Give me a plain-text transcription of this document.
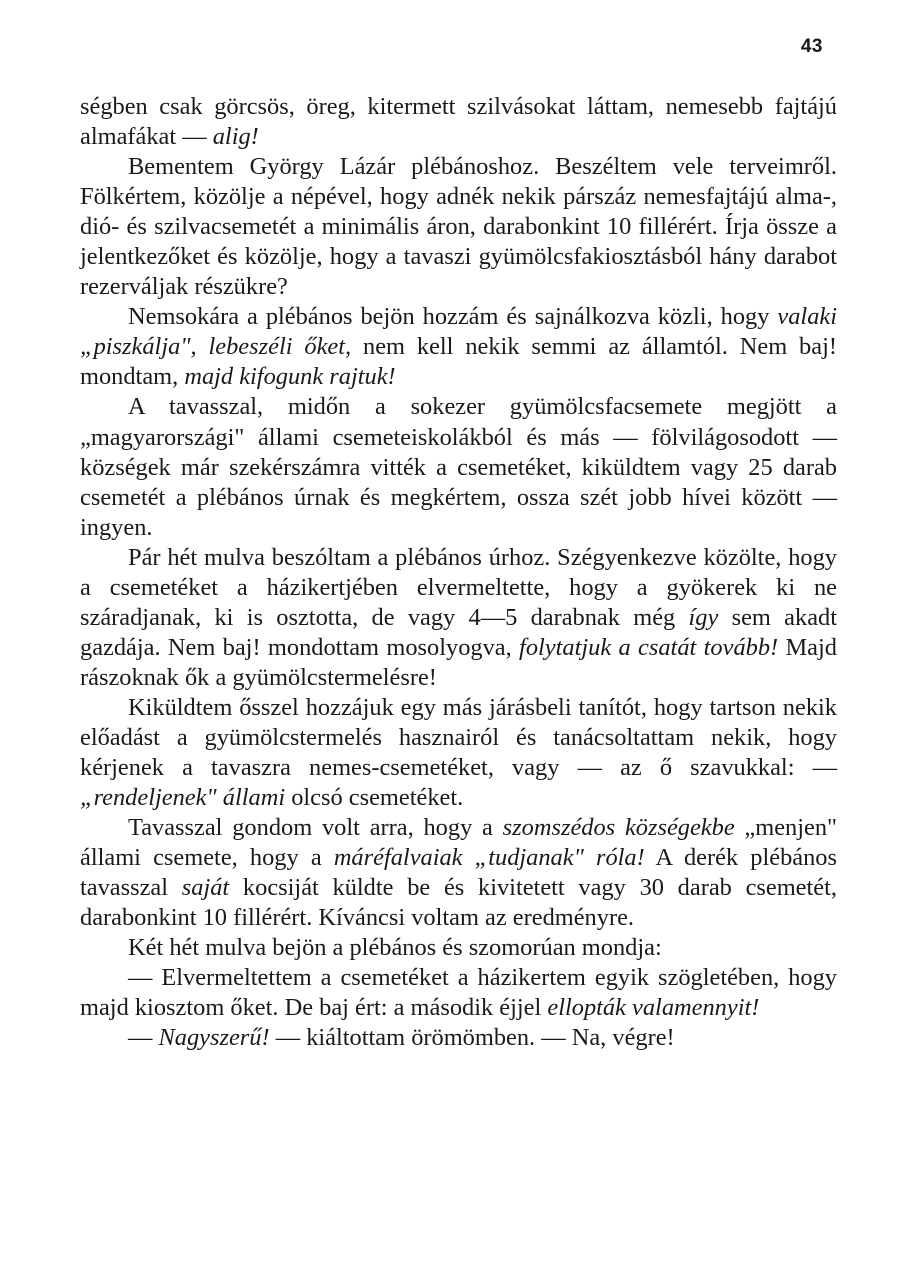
43

ségben csak görcsös, öreg, kitermett szilvásokat láttam, nemesebb fajtájú almafákat — alig!

Bementem György Lázár plébánoshoz. Beszéltem vele terveimről. Fölkértem, közölje a népével, hogy adnék nekik párszáz nemesfajtájú alma-, dió- és szilvacsemetét a minimális áron, darabonkint 10 fillérért. Írja össze a jelentkezőket és közölje, hogy a tavaszi gyümölcsfakiosztásból hány darabot rezerváljak részükre?

Nemsokára a plébános bejön hozzám és sajnálkozva közli, hogy valaki „piszkálja", lebeszéli őket, nem kell nekik semmi az államtól. Nem baj! mondtam, majd kifogunk rajtuk!

A tavasszal, midőn a sokezer gyümölcsfacsemete megjött a „magyarországi" állami csemeteiskolákból és más — fölvilágosodott — községek már szekérszámra vitték a csemetéket, kiküldtem vagy 25 darab csemetét a plébános úrnak és megkértem, ossza szét jobb hívei között — ingyen.

Pár hét mulva beszóltam a plébános úrhoz. Szégyenkezve közölte, hogy a csemetéket a házikertjében elvermeltette, hogy a gyökerek ki ne száradjanak, ki is osztotta, de vagy 4—5 darabnak még így sem akadt gazdája. Nem baj! mondottam mosolyogva, folytatjuk a csatát tovább! Majd rászoknak ők a gyümölcstermelésre!

Kiküldtem ősszel hozzájuk egy más járásbeli tanítót, hogy tartson nekik előadást a gyümölcstermelés hasznairól és tanácsoltattam nekik, hogy kérjenek a tavaszra nemes-csemetéket, vagy — az ő szavukkal: — „rendeljenek" állami olcsó csemetéket.

Tavasszal gondom volt arra, hogy a szomszédos községekbe „menjen" állami csemete, hogy a máréfalvaiak „tudjanak" róla! A derék plébános tavasszal saját kocsiját küldte be és kivitetett vagy 30 darab csemetét, darabonkint 10 fillérért. Kíváncsi voltam az eredményre.

Két hét mulva bejön a plébános és szomorúan mondja:

— Elvermeltettem a csemetéket a házikertem egyik szögletében, hogy majd kiosztom őket. De baj ért: a második éjjel ellopták valamennyit!

— Nagyszerű! — kiáltottam örömömben. — Na, végre!
